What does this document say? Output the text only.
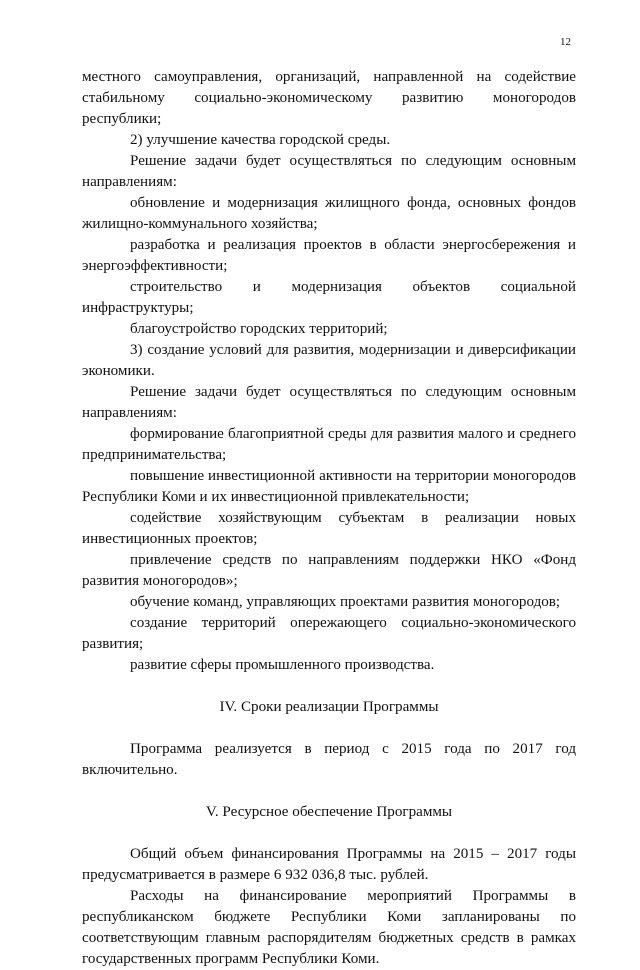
12

местного самоуправления, организаций, направленной на содействие стабильному социально-экономическому развитию моногородов республики;

2) улучшение качества городской среды.

Решение задачи будет осуществляться по следующим основным направлениям:

обновление и модернизация жилищного фонда, основных фондов жилищно-коммунального хозяйства;

разработка и реализация проектов в области энергосбережения и энергоэффективности;

строительство и модернизация объектов социальной инфраструктуры;

благоустройство городских территорий;

3) создание условий для развития, модернизации и диверсификации экономики.

Решение задачи будет осуществляться по следующим основным направлениям:

формирование благоприятной среды для развития малого и среднего предпринимательства;

повышение инвестиционной активности на территории моногородов Республики Коми и их инвестиционной привлекательности;

содействие хозяйствующим субъектам в реализации новых инвестиционных проектов;

привлечение средств по направлениям поддержки НКО «Фонд развития моногородов»;

обучение команд, управляющих проектами развития моногородов;

создание территорий опережающего социально-экономического развития;

развитие сферы промышленного производства.

IV. Сроки реализации Программы

Программа реализуется в период с 2015 года по 2017 год включительно.

V. Ресурсное обеспечение Программы

Общий объем финансирования Программы на 2015 – 2017 годы предусматривается в размере 6 932 036,8 тыс. рублей.

Расходы на финансирование мероприятий Программы в республиканском бюджете Республики Коми запланированы по соответствующим главным распорядителям бюджетных средств в рамках государственных программ Республики Коми.
